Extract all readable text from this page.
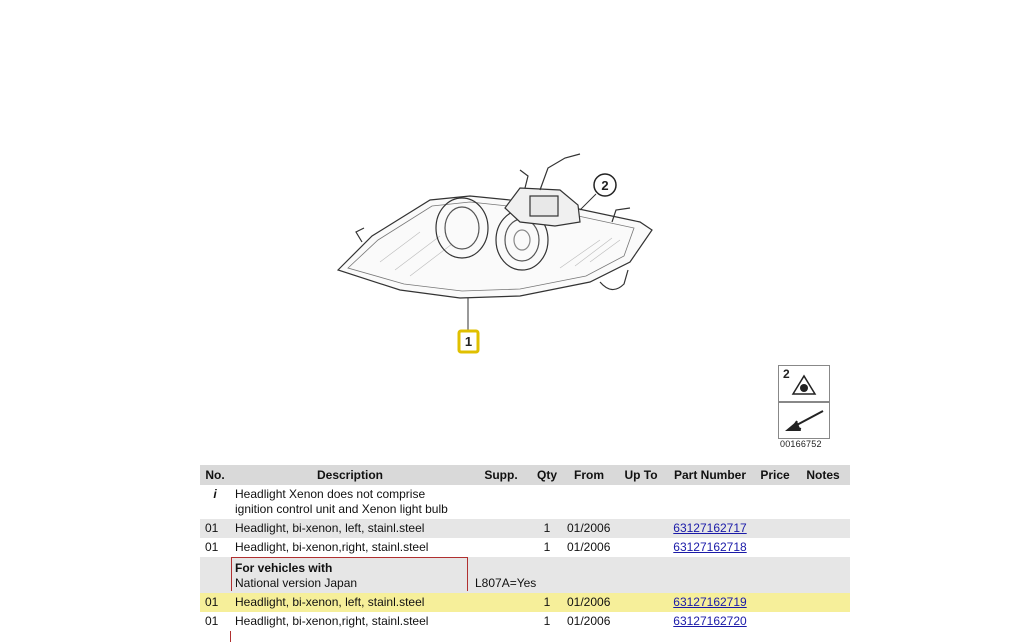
2
1
2
00166752
No.	Description	Supp.	Qty	From	Up To	Part Number	Price	Notes
i	Headlight Xenon does not comprise ignition control unit and Xenon light bulb							
01	Headlight, bi-xenon, left, stainl.steel		1	01/2006		63127162717		
01	Headlight, bi-xenon,right, stainl.steel		1	01/2006		63127162718		

	For vehicles with
National version Japan	L807A=Yes						
01	Headlight, bi-xenon, left, stainl.steel		1	01/2006		63127162719		
01	Headlight, bi-xenon,right, stainl.steel		1	01/2006		63127162720		
